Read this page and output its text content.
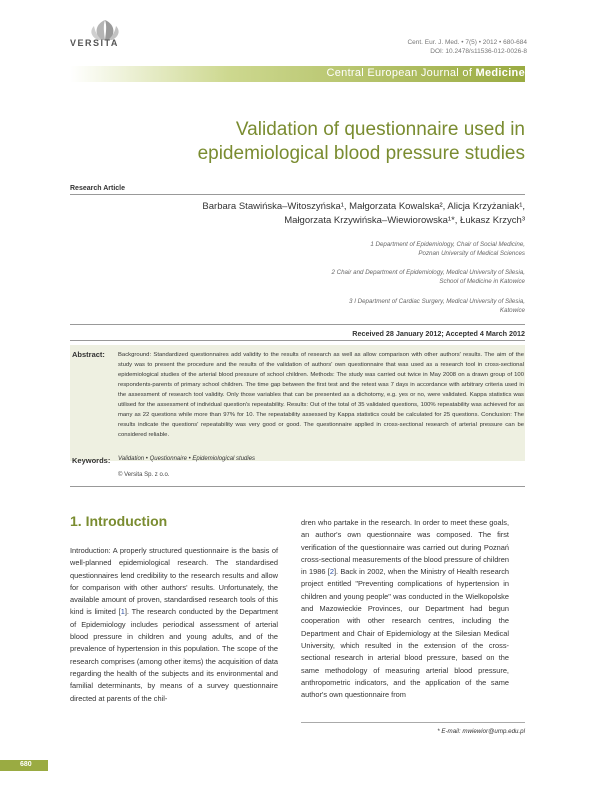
VERSITA	Cent. Eur. J. Med. • 7(5) • 2012 • 680-684
DOI: 10.2478/s11536-012-0026-8
Central European Journal of Medicine
Validation of questionnaire used in epidemiological blood pressure studies
Research Article
Barbara Stawińska–Witoszyńska¹, Małgorzata Kowalska², Alicja Krzyżaniak¹,
Małgorzata Krzywińska–Wiewiorowska¹*, Łukasz Krzych³
1 Department of Epidemiology, Chair of Social Medicine,
Poznan University of Medical Sciences
2 Chair and Department of Epidemiology, Medical University of Silesia,
School of Medicine in Katowice
3 I Department of Cardiac Surgery, Medical University of Silesia,
Katowice
Received 28 January 2012; Accepted 4 March 2012
Abstract: Background: Standardized questionnaires add validity to the results of research as well as allow comparison with other authors' results. The aim of the study was to present the procedure and the results of the validation of authors' own questionnaire that was used as a research tool in cross-sectional epidemiological studies of the arterial blood pressure of school children. Methods: The study was carried out twice in May 2008 on a drawn group of 100 respondents-parents of primary school children. The time gap between the first test and the retest was 7 days in accordance with arbitrary criteria used in the assessment of research tool validity. Only those variables that can be presented as a dichotomy, e.g. yes or no, were validated. Kappa statistics was utilised for the assessment of individual question's repeatability. Results: Out of the total of 35 validated questions, 100% repeatability was achieved for as many as 22 questions while more than 97% for 10. The repeatability assessed by Kappa statistics could be calculated for 25 questions. Conclusion: The results indicate the questions' repeatability was very good or good. The questionnaire applied in cross-sectional research of arterial pressure can be considered reliable.
Keywords: Validation • Questionnaire • Epidemiological studies
© Versita Sp. z o.o.
1. Introduction

Introduction: A properly structured questionnaire is the basis of well-planned epidemiological research. The standardised questionnaires lend credibility to the research results and allow for comparison with other authors' results. Unfortunately, the available amount of proven, standardised research tools of this kind is limited [1]. The research conducted by the Department of Epidemiology includes periodical assessment of arterial blood pressure in children and young adults, and of the prevalence of hypertension in this population. The scope of the research comprises (among other items) the acquisition of data regarding the health of the subjects and its environmental and familial determinants, by means of a survey questionnaire directed at parents of the chil-

dren who partake in the research. In order to meet these goals, an author's own questionnaire was composed. The first verification of the questionnaire was carried out during Poznań cross-sectional measurements of the blood pressure of children in 1986 [2]. Back in 2002, when the Ministry of Health research project entitled "Preventing complications of hypertension in children and young people" was conducted in the Wielkopolske and Mazowieckie Provinces, our Department had begun cooperation with other research centres, including the Department and Chair of Epidemiology at the Silesian Medical University, which resulted in the extension of the cross-sectional research in arterial blood pressure, based on the same methodology of measuring arterial blood pressure, anthropometric indicators, and the application of the same author's own questionnaire from

* E-mail: mwiewior@ump.edu.pl
680
